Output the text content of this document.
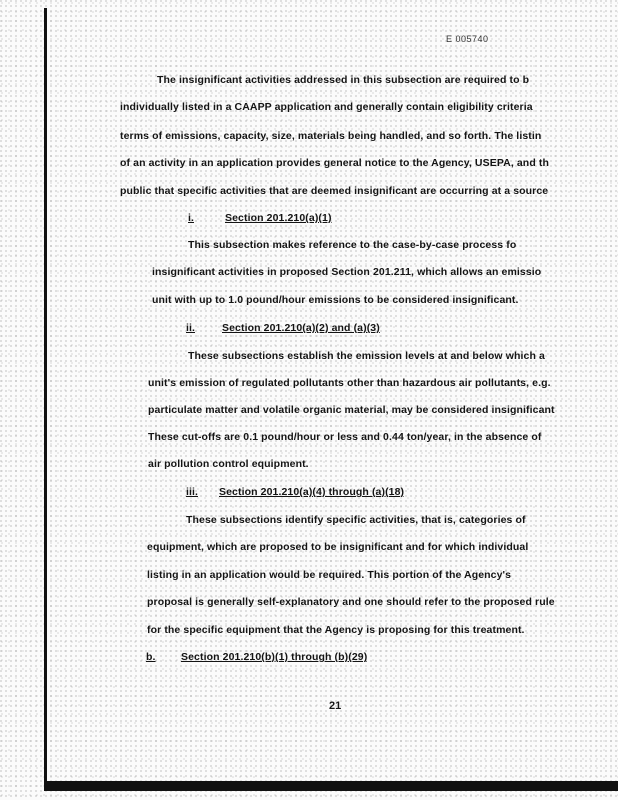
E 005740
The insignificant activities addressed in this subsection are required to b
individually listed in a CAAPP application and generally contain eligibility criteria
terms of emissions, capacity, size, materials being handled, and so forth. The listin
of an activity in an application provides general notice to the Agency, USEPA, and th
public that specific activities that are deemed insignificant are occurring at a source
i.	Section 201.210(a)(1)
This subsection makes reference to the case-by-case process fo
insignificant activities in proposed Section 201.211, which allows an emissio
unit with up to 1.0 pound/hour emissions to be considered insignificant.
ii.	Section 201.210(a)(2) and (a)(3)
These subsections establish the emission levels at and below which a
unit's emission of regulated pollutants other than hazardous air pollutants, e.g.
particulate matter and volatile organic material, may be considered insignificant
These cut-offs are 0.1 pound/hour or less and 0.44 ton/year, in the absence of
air pollution control equipment.
iii. Section 201.210(a)(4) through (a)(18)
These subsections identify specific activities, that is, categories of
equipment, which are proposed to be insignificant and for which individual
listing in an application would be required. This portion of the Agency's
proposal is generally self-explanatory and one should refer to the proposed rule
for the specific equipment that the Agency is proposing for this treatment.
b. Section 201.210(b)(1) through (b)(29)
21
